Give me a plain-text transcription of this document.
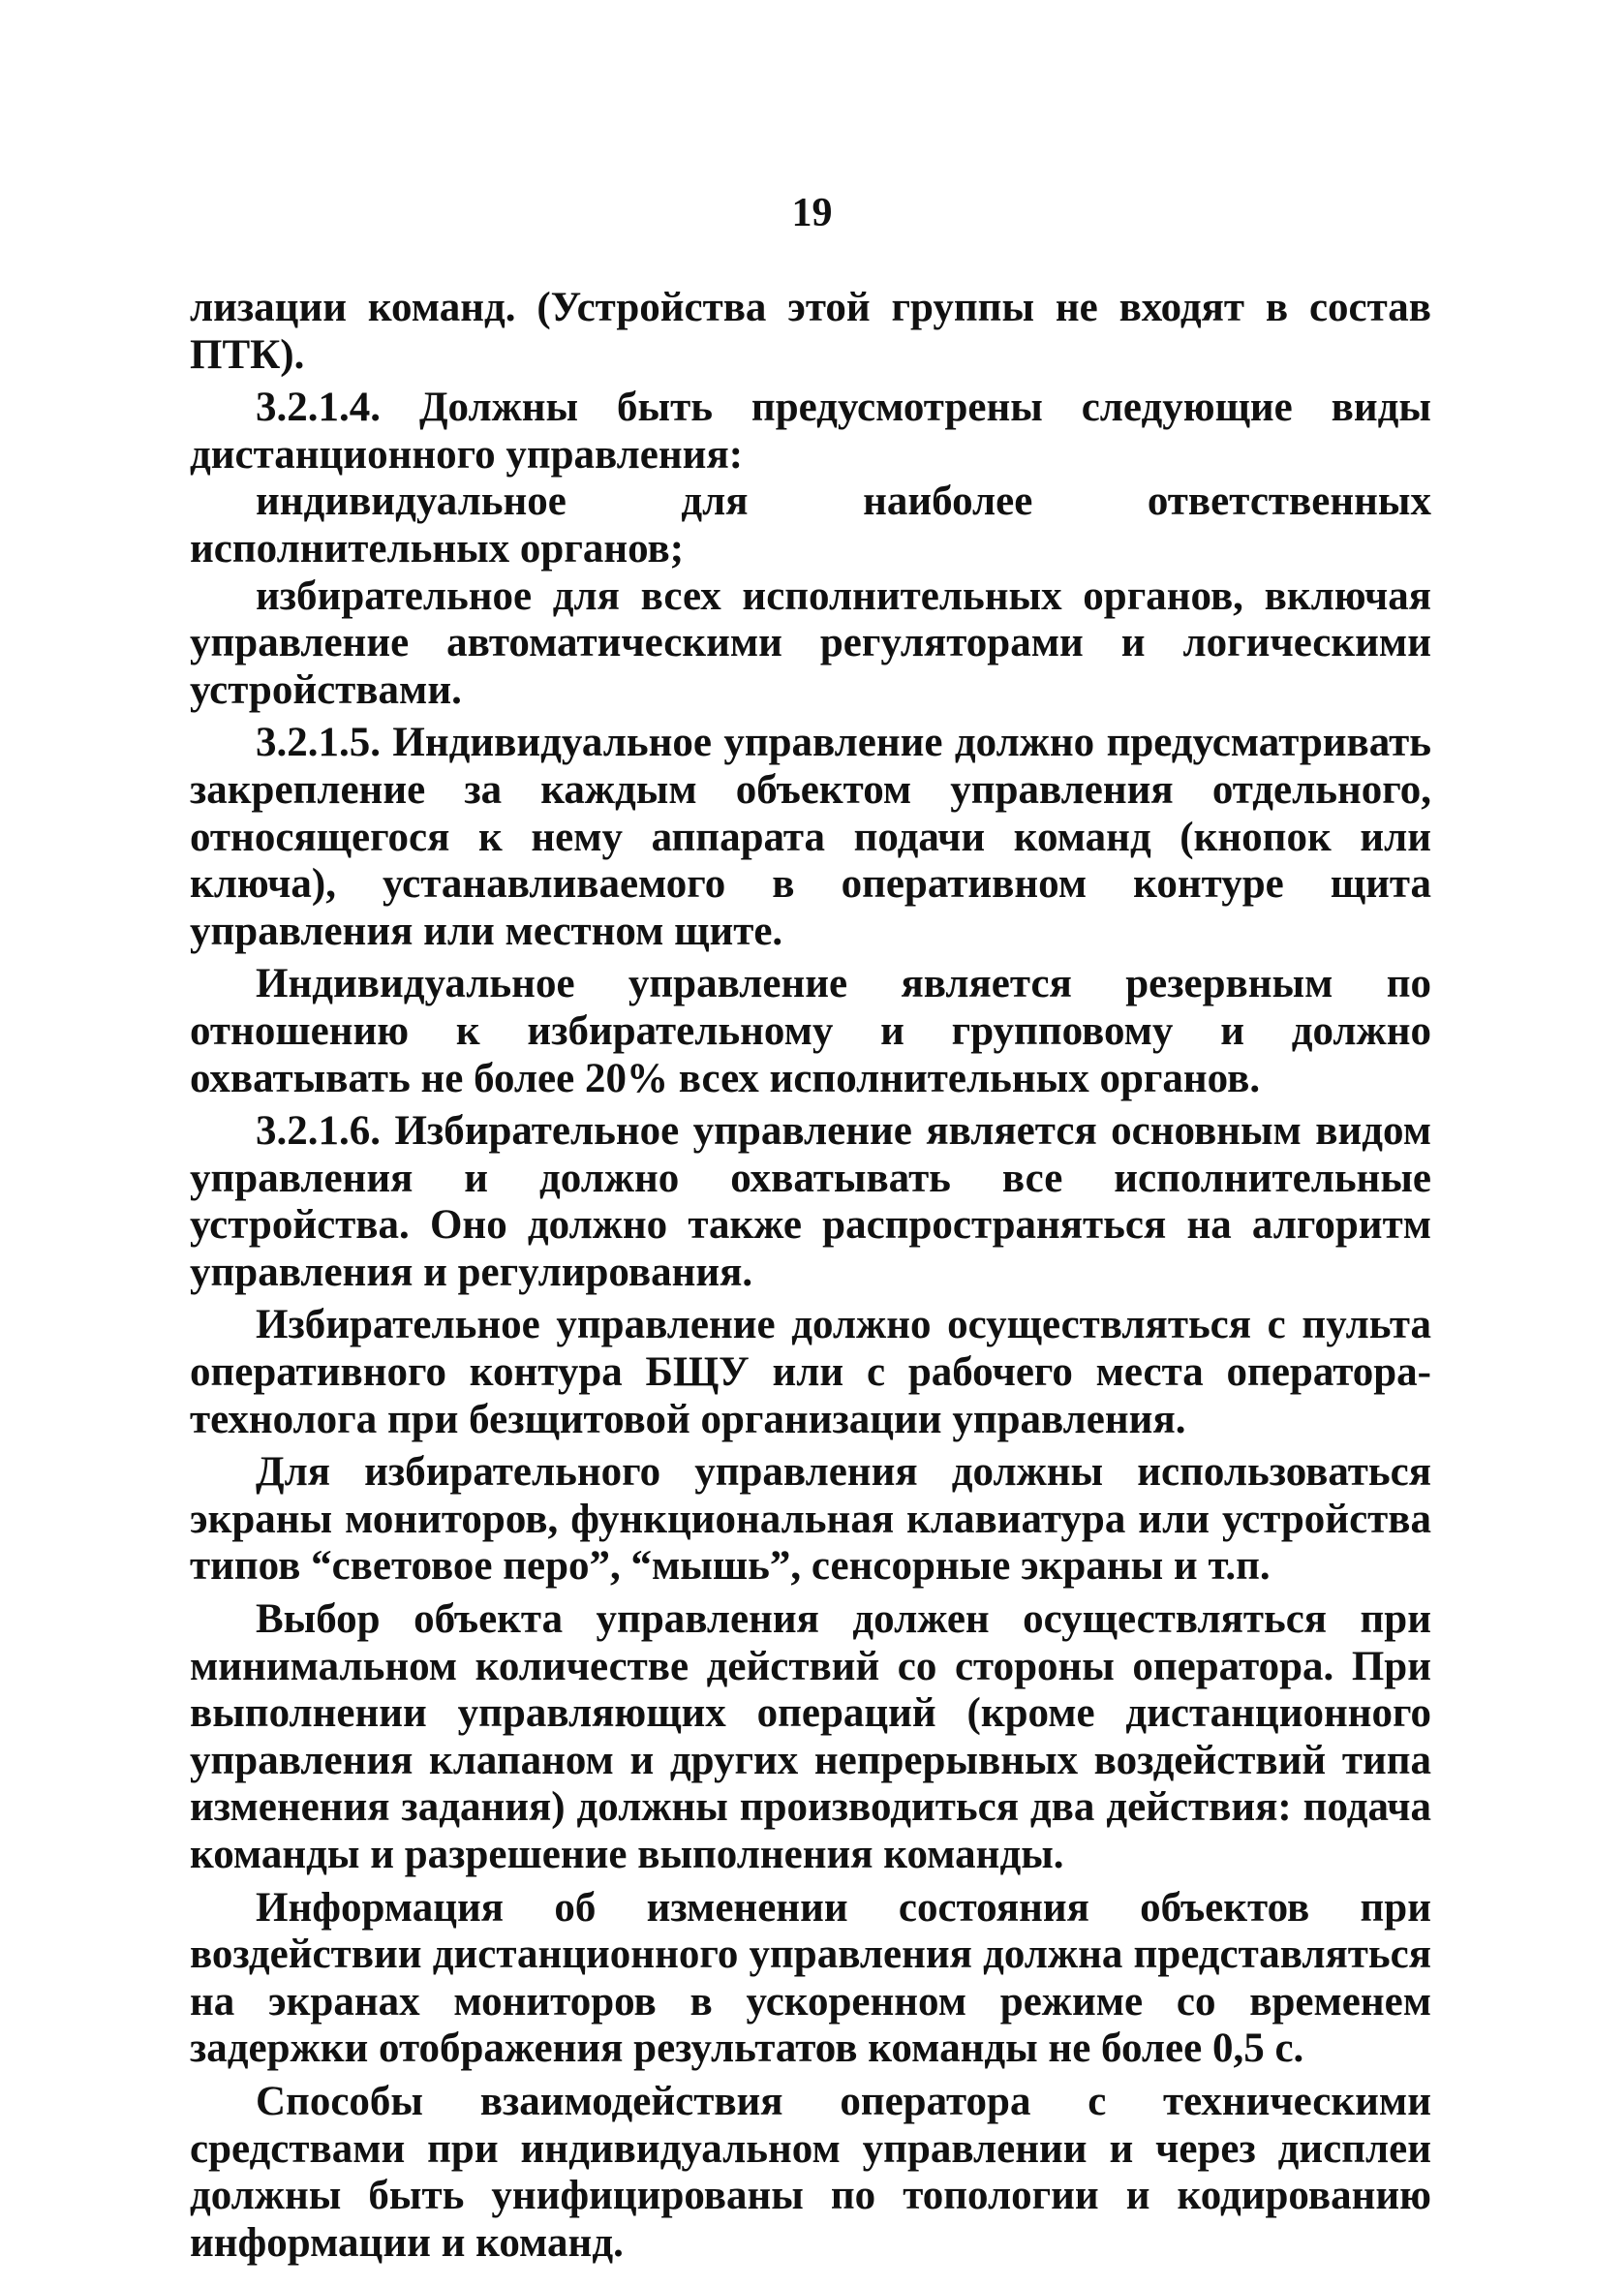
19

лизации команд. (Устройства этой группы не входят в состав ПТК).

3.2.1.4. Должны быть предусмотрены следующие виды дистанционного управления:

индивидуальное для наиболее ответственных исполнительных органов;

избирательное для всех исполнительных органов, включая управление автоматическими регуляторами и логическими устройствами.

3.2.1.5. Индивидуальное управление должно предусматривать закрепление за каждым объектом управления отдельного, относящегося к нему аппарата подачи команд (кнопок или ключа), устанавливаемого в оперативном контуре щита управления или местном щите.

Индивидуальное управление является резервным по отношению к избирательному и групповому и должно охватывать не более 20% всех исполнительных органов.

3.2.1.6. Избирательное управление является основным видом управления и должно охватывать все исполнительные устройства. Оно должно также распространяться на алгоритм управления и регулирования.

Избирательное управление должно осуществляться с пульта оперативного контура БЩУ или с рабочего места оператора-технолога при безщитовой организации управления.

Для избирательного управления должны использоваться экраны мониторов, функциональная клавиатура или устройства типов “световое перо”, “мышь”, сенсорные экраны и т.п.

Выбор объекта управления должен осуществляться при минимальном количестве действий со стороны оператора. При выполнении управляющих операций (кроме дистанционного управления клапаном и других непрерывных воздействий типа изменения задания) должны производиться два действия: подача команды и разрешение выполнения команды.

Информация об изменении состояния объектов при воздействии дистанционного управления должна представляться на экранах мониторов в ускоренном режиме со временем задержки отображения результатов команды не более 0,5 с.

Способы взаимодействия оператора с техническими средствами при индивидуальном управлении и через дисплеи должны быть унифицированы по топологии и кодированию информации и команд.
